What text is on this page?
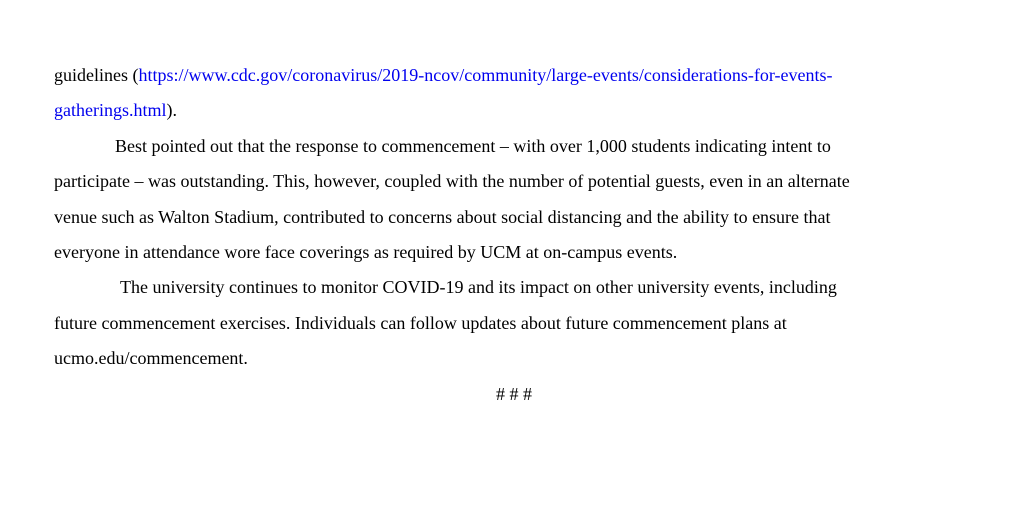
guidelines (https://www.cdc.gov/coronavirus/2019-ncov/community/large-events/considerations-for-events-
gatherings.html).
Best pointed out that the response to commencement – with over 1,000 students indicating intent to
participate – was outstanding. This, however, coupled with the number of potential guests, even in an alternate
venue such as Walton Stadium, contributed to concerns about social distancing and the ability to ensure that
everyone in attendance wore face coverings as required by UCM at on-campus events.
The university continues to monitor COVID-19 and its impact on other university events, including
future commencement exercises. Individuals can follow updates about future commencement plans at
ucmo.edu/commencement.
# # #
